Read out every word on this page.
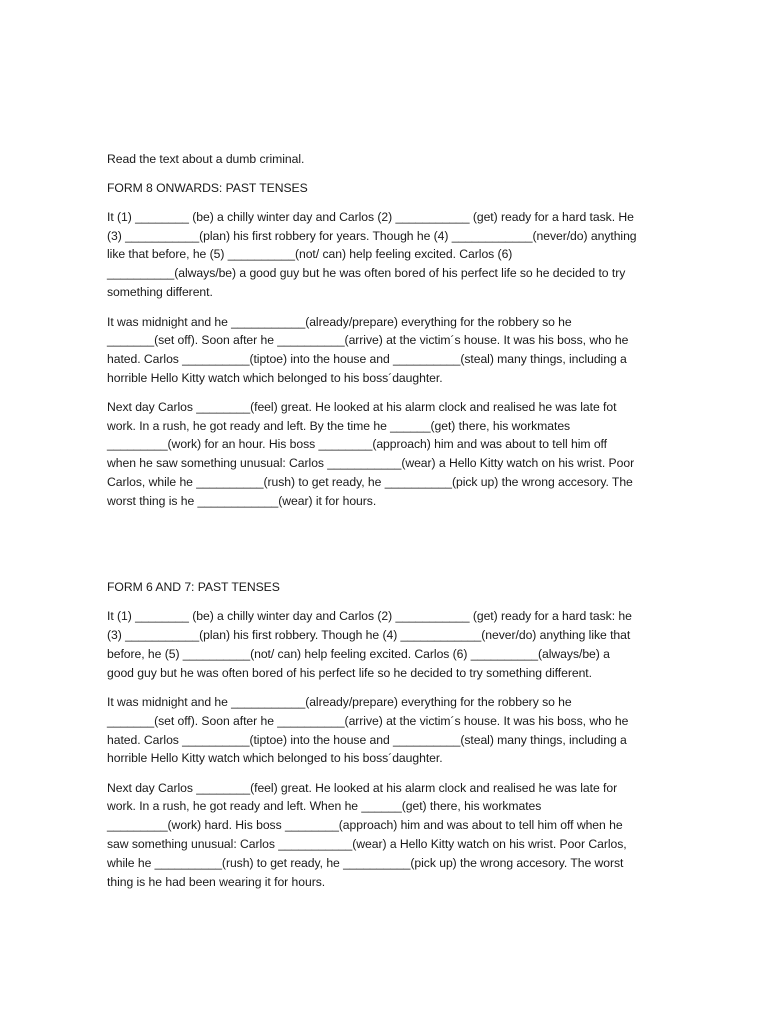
Read the text about a dumb criminal.
FORM 8 ONWARDS: PAST TENSES
It (1) ________ (be) a chilly winter day and Carlos (2) ___________ (get) ready for a hard task. He
(3) ___________(plan) his first robbery for years. Though he (4) ____________(never/do) anything
like that before, he (5) __________(not/ can) help feeling excited. Carlos (6)
__________(always/be) a good guy but he was often bored of his perfect life so he decided to try
something different.
It was midnight and he ___________(already/prepare) everything for the robbery so he
_______(set off). Soon after he __________(arrive) at the victim´s house. It was his boss, who he
hated. Carlos __________(tiptoe) into the house and __________(steal) many things, including a
horrible Hello Kitty watch which belonged to his boss´daughter.
Next day Carlos ________(feel) great. He looked at his alarm clock and realised he was late fot
work. In a rush, he got ready and left. By the time he ______(get) there, his workmates
_________(work) for an hour. His boss ________(approach) him and was about to tell him off
when he saw something unusual: Carlos ___________(wear) a Hello Kitty watch on his wrist. Poor
Carlos, while he __________(rush) to get ready, he __________(pick up) the wrong accesory. The
worst thing is he ____________(wear) it for hours.
FORM 6 AND 7: PAST TENSES
It (1) ________ (be) a chilly winter day and Carlos (2) ___________ (get) ready for a hard task: he
(3) ___________(plan) his first robbery. Though he (4) ____________(never/do) anything like that
before, he (5) __________(not/ can) help feeling excited. Carlos (6) __________(always/be) a
good guy but he was often bored of his perfect life so he decided to try something different.
It was midnight and he ___________(already/prepare) everything for the robbery so he
_______(set off). Soon after he __________(arrive) at the victim´s house. It was his boss, who he
hated. Carlos __________(tiptoe) into the house and __________(steal) many things, including a
horrible Hello Kitty watch which belonged to his boss´daughter.
Next day Carlos ________(feel) great. He looked at his alarm clock and realised he was late for
work. In a rush, he got ready and left. When he ______(get) there, his workmates
_________(work) hard. His boss ________(approach) him and was about to tell him off when he
saw something unusual: Carlos ___________(wear) a Hello Kitty watch on his wrist. Poor Carlos,
while he __________(rush) to get ready, he __________(pick up) the wrong accesory. The worst
thing is he had been wearing it for hours.
